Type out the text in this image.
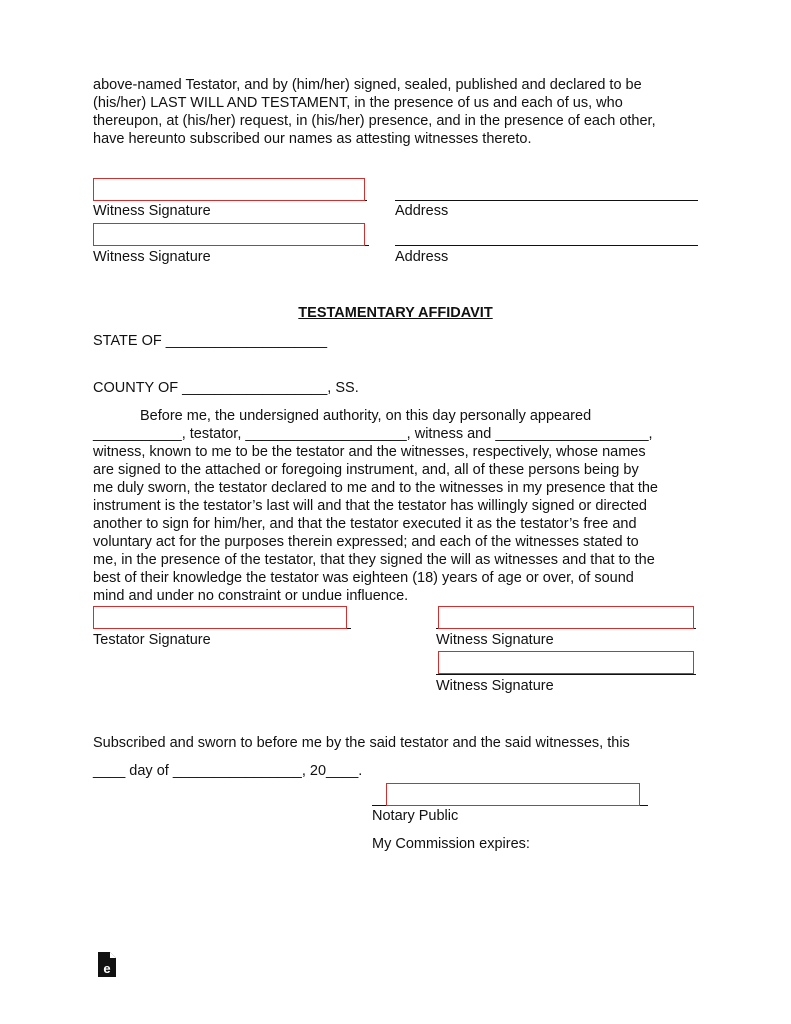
above-named Testator, and by (him/her) signed, sealed, published and declared to be
(his/her) LAST WILL AND TESTAMENT, in the presence of us and each of us, who
thereupon, at (his/her) request, in (his/her) presence, and in the presence of each other,
have hereunto subscribed our names as attesting witnesses thereto.
Witness Signature	Address
Witness Signature	Address
TESTAMENTARY AFFIDAVIT
STATE OF ____________________
COUNTY OF __________________, SS.
Before me, the undersigned authority, on this day personally appeared
___________, testator, ____________________, witness and ___________________,
witness, known to me to be the testator and the witnesses, respectively, whose names
are signed to the attached or foregoing instrument, and, all of these persons being by
me duly sworn, the testator declared to me and to the witnesses in my presence that the
instrument is the testator’s last will and that the testator has willingly signed or directed
another to sign for him/her, and that the testator executed it as the testator’s free and
voluntary act for the purposes therein expressed; and each of the witnesses stated to
me, in the presence of the testator, that they signed the will as witnesses and that to the
best of their knowledge the testator was eighteen (18) years of age or over, of sound
mind and under no constraint or undue influence.
Testator Signature	Witness Signature
Witness Signature
Subscribed and sworn to before me by the said testator and the said witnesses, this
____ day of ________________, 20____.
Notary Public
My Commission expires:
e
